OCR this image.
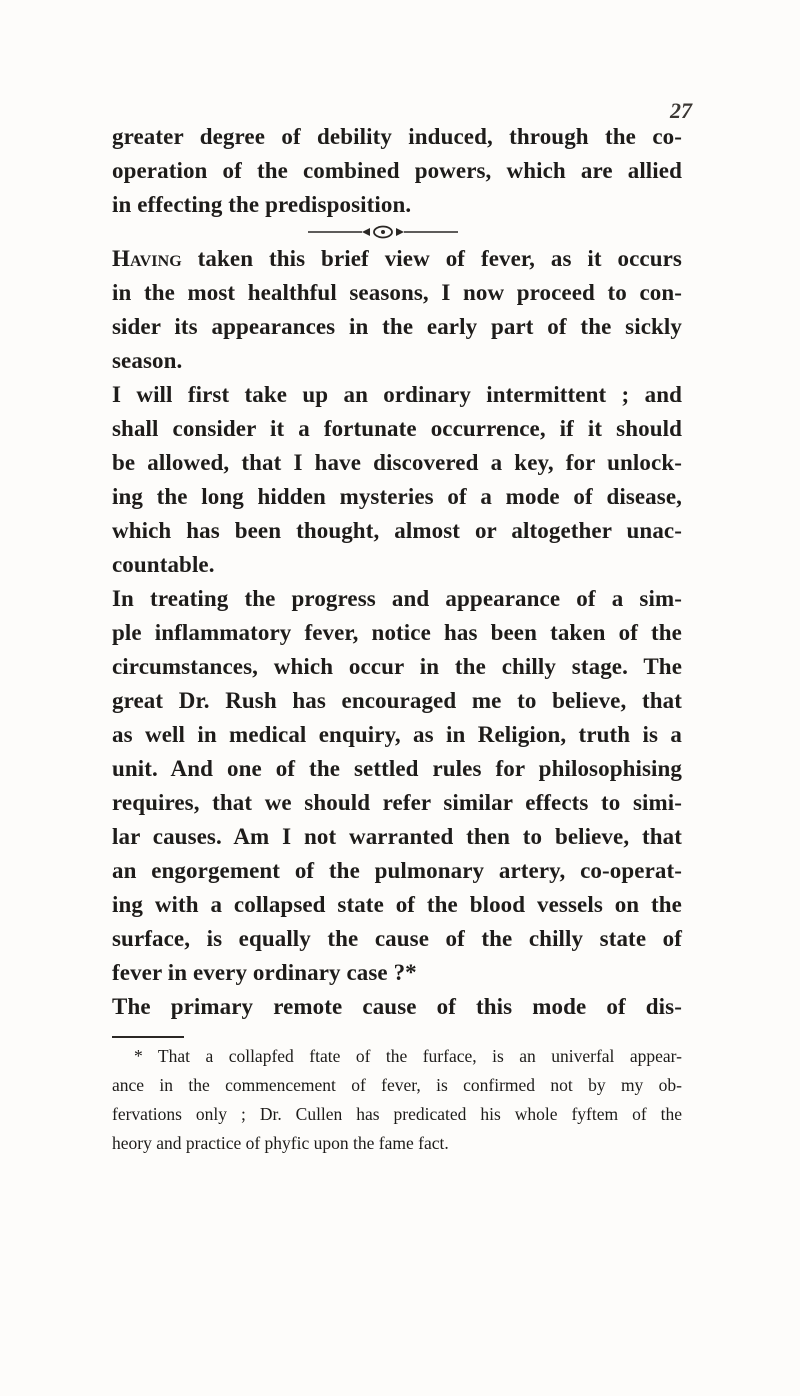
27
greater degree of debility induced, through the co-
operation of the combined powers, which are allied
in effecting the predisposition.
Having taken this brief view of fever, as it occurs
in the most healthful seasons, I now proceed to con-
sider its appearances in the early part of the sickly
season.
I will first take up an ordinary intermittent ; and
shall consider it a fortunate occurrence, if it should
be allowed, that I have discovered a key, for unlock-
ing the long hidden mysteries of a mode of disease,
which has been thought, almost or altogether unac-
countable.
In treating the progress and appearance of a sim-
ple inflammatory fever, notice has been taken of the
circumstances, which occur in the chilly stage. The
great Dr. Rush has encouraged me to believe, that
as well in medical enquiry, as in Religion, truth is a
unit. And one of the settled rules for philosophising
requires, that we should refer similar effects to simi-
lar causes. Am I not warranted then to believe, that
an engorgement of the pulmonary artery, co-operat-
ing with a collapsed state of the blood vessels on the
surface, is equally the cause of the chilly state of
fever in every ordinary case ?*
The primary remote cause of this mode of dis-
* That a collapfed ftate of the furface, is an univerfal appear-
ance in the commencement of fever, is confirmed not by my ob-
fervations only ; Dr. Cullen has predicated his whole fyftem of the
heory and practice of phyfic upon the fame fact.
